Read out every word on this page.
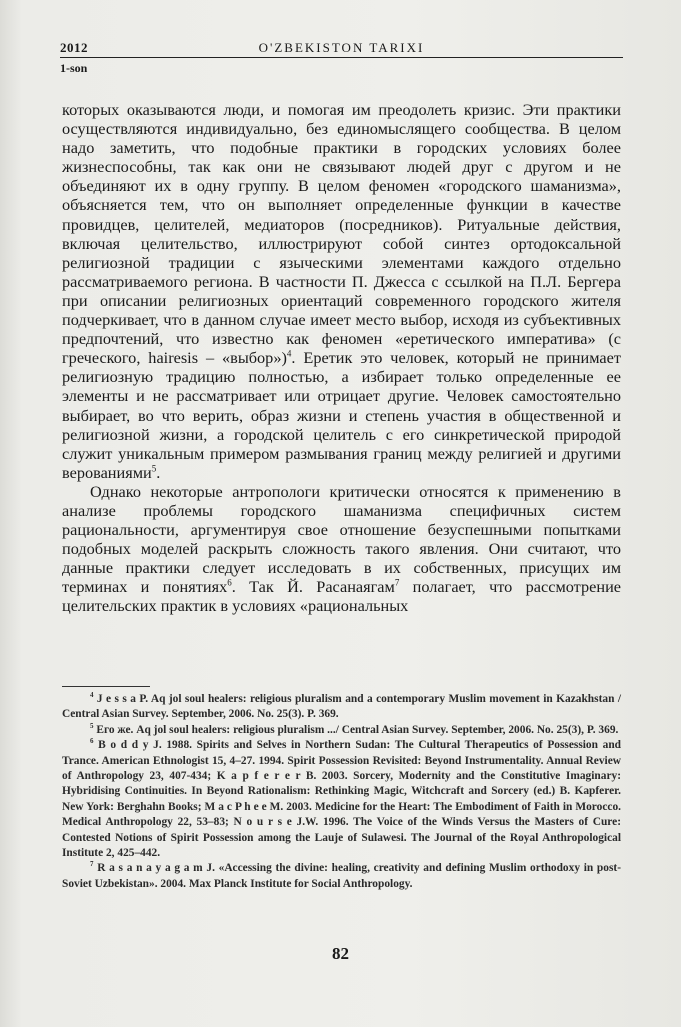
2012	O'ZBEKISTON TARIXI
1-son

которых оказываются люди, и помогая им преодолеть кризис. Эти практики осуществляются индивидуально, без единомыслящего сообщества. В целом надо заметить, что подобные практики в городских условиях более жизнеспособны, так как они не связывают людей друг с другом и не объединяют их в одну группу. В целом феномен «городского шаманизма», объясняется тем, что он выполняет определенные функции в качестве провидцев, целителей, медиаторов (посредников). Ритуальные действия, включая целительство, иллюстрируют собой синтез ортодоксальной религиозной традиции с языческими элементами каждого отдельно рассматриваемого региона. В частности П. Джесса с ссылкой на П.Л. Бергера при описании религиозных ориентаций современного городского жителя подчеркивает, что в данном случае имеет место выбор, исходя из субъективных предпочтений, что известно как феномен «еретического императива» (с греческого, hairesis – «выбор»)$^4$. Еретик это человек, который не принимает религиозную традицию полностью, а избирает только определенные ее элементы и не рассматривает или отрицает другие. Человек самостоятельно выбирает, во что верить, образ жизни и степень участия в общественной и религиозной жизни, а городской целитель с его синкретической природой служит уникальным примером размывания границ между религией и другими верованиями$^5$.

Однако некоторые антропологи критически относятся к применению в анализе проблемы городского шаманизма специфичных систем рациональности, аргументируя свое отношение безуспешными попытками подобных моделей раскрыть сложность такого явления. Они считают, что данные практики следует исследовать в их собственных, присущих им терминах и понятиях$^6$. Так Й. Расанаягам$^7$ полагает, что рассмотрение целительских практик в условиях «рациональных

$^4$ J e s s a P. Aq jol soul healers: religious pluralism and a contemporary Muslim movement in Kazakhstan / Central Asian Survey. September, 2006. No. 25(3). P. 369.

$^5$ Его же. Aq jol soul healers: religious pluralism .../ Central Asian Survey. September, 2006. No. 25(3), P. 369.

$^6$ B o d d y J. 1988. Spirits and Selves in Northern Sudan: The Cultural Therapeutics of Possession and Trance. American Ethnologist 15, 4–27. 1994. Spirit Possession Revisited: Beyond Instrumentality. Annual Review of Anthropology 23, 407-434; K a p f e r e r B. 2003. Sorcery, Modernity and the Constitutive Imaginary: Hybridising Continuities. In Beyond Rationalism: Rethinking Magic, Witchcraft and Sorcery (ed.) B. Kapferer. New York: Berghahn Books; M a c P h e e M. 2003. Medicine for the Heart: The Embodiment of Faith in Morocco. Medical Anthropology 22, 53–83; N o u r s e J.W. 1996. The Voice of the Winds Versus the Masters of Cure: Contested Notions of Spirit Possession among the Lauje of Sulawesi. The Journal of the Royal Anthropological Institute 2, 425–442.

$^7$ R a s a n a y a g a m J. «Accessing the divine: healing, creativity and defining Muslim orthodoxy in post-Soviet Uzbekistan». 2004. Max Planck Institute for Social Anthropology.

82
